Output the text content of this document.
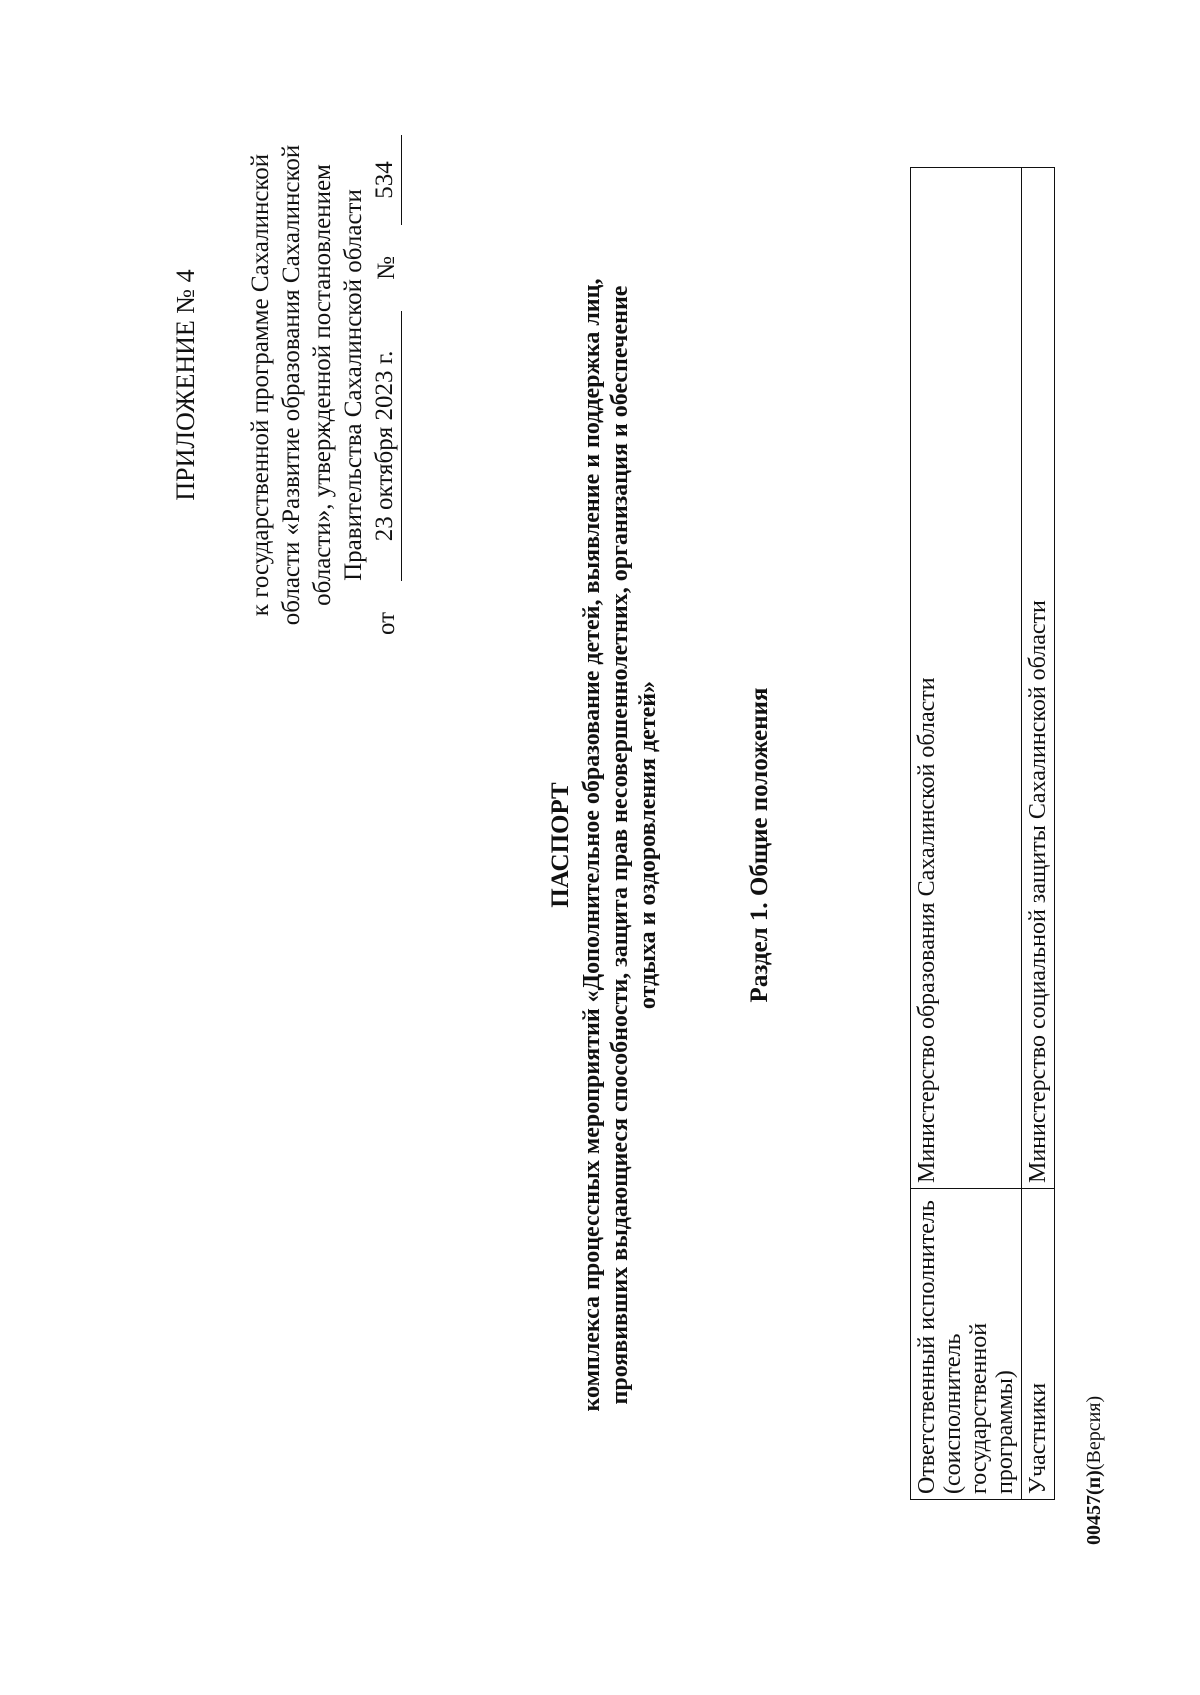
ПРИЛОЖЕНИЕ № 4 к государственной программе Сахалинской области «Развитие образования Сахалинской области», утвержденной постановлением Правительства Сахалинской области
от
23 октября 2023 г.
№
534
ПАСПОРТ комплекса процессных мероприятий «Дополнительное образование детей, выявление и поддержка лиц, проявивших выдающиеся способности, защита прав несовершеннолетних, организация и обеспечение отдыха и оздоровления детей»	Раздел 1. Общие положения
Ответственный исполнитель (соисполнитель государственной программы)	Министерство образования Сахалинской области
Участники	Министерство социальной защиты Сахалинской области
00457(п)(Версия)
